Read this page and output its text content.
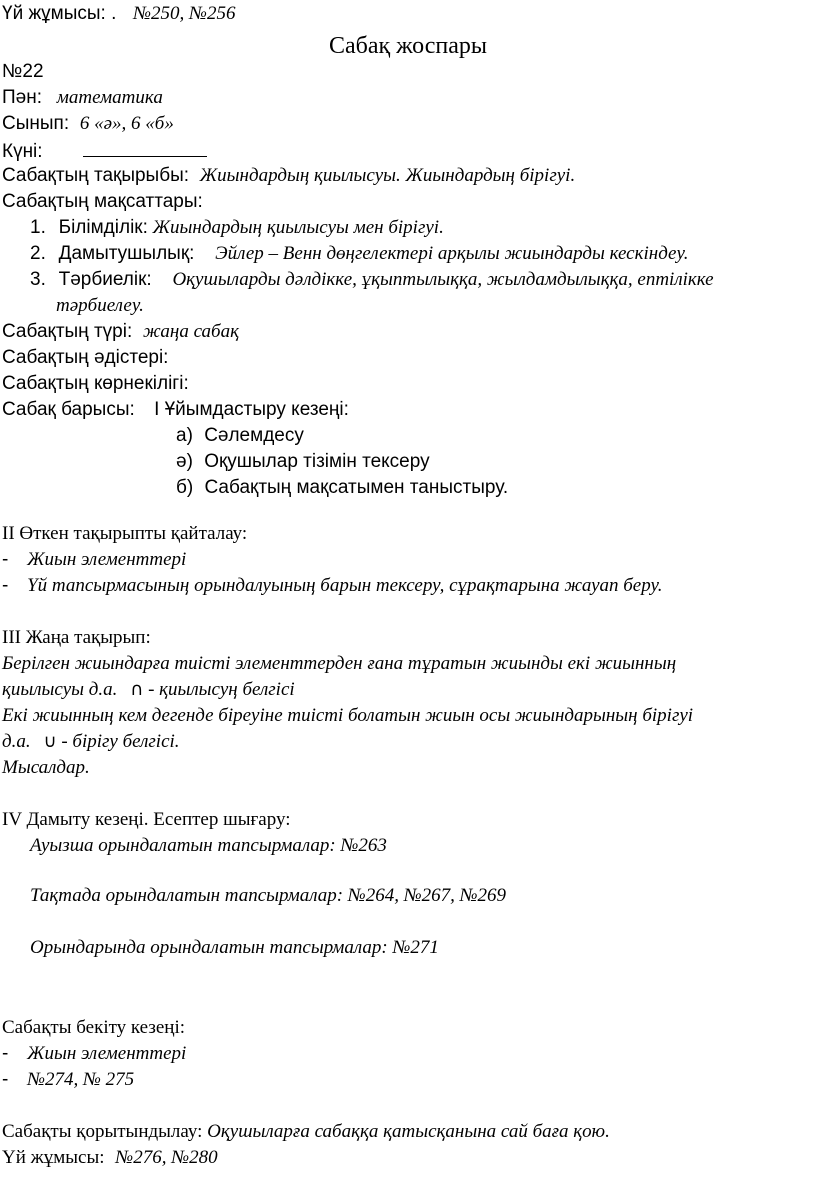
Үй жұмысы: . №250, №256
Сабақ жоспары
№22
Пән: математика
Сынып: 6 «ә», 6 «б»
Күні:
Сабақтың тақырыбы: Жиындардың қиылысуы. Жиындардың бірігуі.
Сабақтың мақсаттары:
1. Білімділік: Жиындардың қиылысуы мен бірігуі.
2. Дамытушылық: Эйлер – Венн дөңгелектері арқылы жиындарды кескіндеу.
3. Тәрбиелік: Оқушыларды дәлдікке, ұқыптылыққа, жылдамдылыққа, ептілікке
тәрбиелеу.
Сабақтың түрі: жаңа сабақ
Сабақтың әдістері:
Сабақтың көрнекілігі:
Сабақ барысы: І Ұйымдастыру кезеңі:
а) Сәлемдесу
ә) Оқушылар тізімін тексеру
б) Сабақтың мақсатымен таныстыру.
ІІ Өткен тақырыпты қайталау:
- Жиын элементтері
- Үй тапсырмасының орындалуының барын тексеру, сұрақтарына жауап беру.
ІІІ Жаңа тақырып:
Берілген жиындарға тиісті элементтерден ғана тұратын жиынды екі жиынның
қиылысуы д.а. ∩ - қиылысуң белгісі
Екі жиынның кем дегенде біреуіне тиісті болатын жиын осы жиындарының бірігуі
д.а. ∪ - бірігу белгісі.
Мысалдар.
IV Дамыту кезеңі. Есептер шығару:
Ауызша орындалатын тапсырмалар: №263
Тақтада орындалатын тапсырмалар: №264, №267, №269
Орындарында орындалатын тапсырмалар: №271
Сабақты бекіту кезеңі:
- Жиын элементтері
- №274, № 275
Сабақты қорытындылау: Оқушыларға сабаққа қатысқанына сай баға қою.
Үй жұмысы: №276, №280
